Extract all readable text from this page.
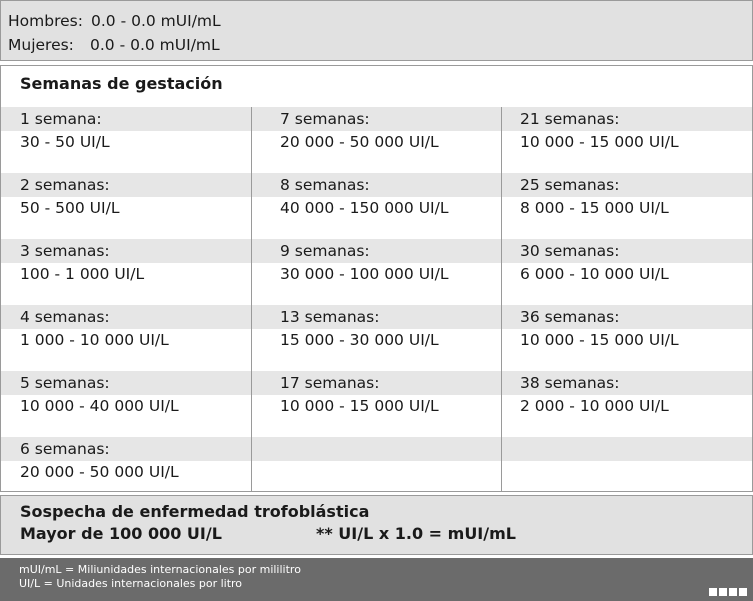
Hombres: 0.0 - 0.0 mUI/mL
Mujeres:	0.0 - 0.0 mUI/mL
Semanas de gestación
1 semana:
30 - 50 UI/L
2 semanas:
50 - 500 UI/L
3 semanas:
100 - 1 000 UI/L
4 semanas:
1 000 - 10 000 UI/L
5 semanas:
10 000 - 40 000 UI/L
6 semanas:
20 000 - 50 000 UI/L
7 semanas:
20 000 - 50 000 UI/L
8 semanas:
40 000 - 150 000 UI/L
9 semanas:
30 000 - 100 000 UI/L
13 semanas:
15 000 - 30 000 UI/L
17 semanas:
10 000 - 15 000 UI/L
21 semanas:
10 000 - 15 000 UI/L
25 semanas:
8 000 - 15 000 UI/L
30 semanas:
6 000 - 10 000 UI/L
36 semanas:
10 000 - 15 000 UI/L
38 semanas:
2 000 - 10 000 UI/L
Sospecha de enfermedad trofoblástica
Mayor de 100 000 UI/L	** UI/L x 1.0 = mUI/mL
mUI/mL = Miliunidades internacionales por mililitro
UI/L = Unidades internacionales por litro
